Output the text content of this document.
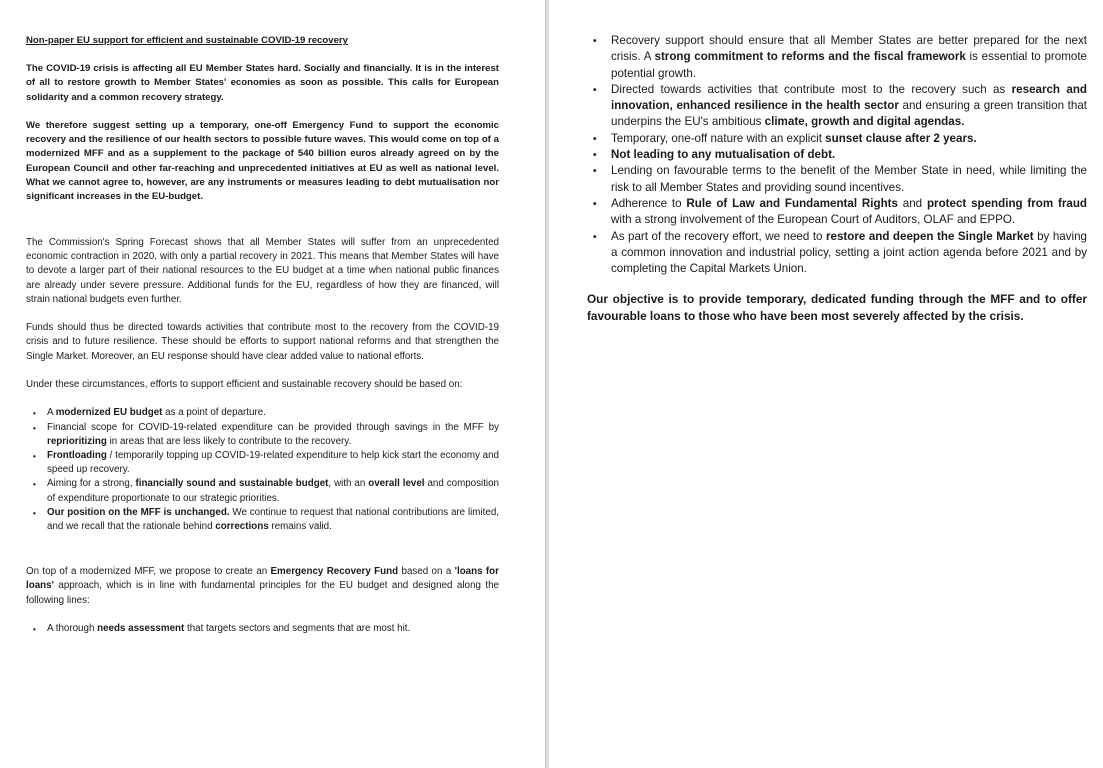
Non-paper EU support for efficient and sustainable COVID-19 recovery

The COVID-19 crisis is affecting all EU Member States hard. Socially and financially. It is in the interest of all to restore growth to Member States' economies as soon as possible. This calls for European solidarity and a common recovery strategy.

We therefore suggest setting up a temporary, one-off Emergency Fund to support the economic recovery and the resilience of our health sectors to possible future waves. This would come on top of a modernized MFF and as a supplement to the package of 540 billion euros already agreed on by the European Council and other far-reaching and unprecedented initiatives at EU as well as national level. What we cannot agree to, however, are any instruments or measures leading to debt mutualisation nor significant increases in the EU-budget.

The Commission's Spring Forecast shows that all Member States will suffer from an unprecedented economic contraction in 2020, with only a partial recovery in 2021. This means that Member States will have to devote a larger part of their national resources to the EU budget at a time when national public finances are already under severe pressure. Additional funds for the EU, regardless of how they are financed, will strain national budgets even further.

Funds should thus be directed towards activities that contribute most to the recovery from the COVID-19 crisis and to future resilience. These should be efforts to support national reforms and that strengthen the Single Market. Moreover, an EU response should have clear added value to national efforts.

Under these circumstances, efforts to support efficient and sustainable recovery should be based on:

• A modernized EU budget as a point of departure.
• Financial scope for COVID-19-related expenditure can be provided through savings in the MFF by reprioritizing in areas that are less likely to contribute to the recovery.
• Frontloading / temporarily topping up COVID-19-related expenditure to help kick start the economy and speed up recovery.
• Aiming for a strong, financially sound and sustainable budget, with an overall level and composition of expenditure proportionate to our strategic priorities.
• Our position on the MFF is unchanged. We continue to request that national contributions are limited, and we recall that the rationale behind corrections remains valid.

On top of a modernized MFF, we propose to create an Emergency Recovery Fund based on a 'loans for loans' approach, which is in line with fundamental principles for the EU budget and designed along the following lines:

• A thorough needs assessment that targets sectors and segments that are most hit.
• Recovery support should ensure that all Member States are better prepared for the next crisis. A strong commitment to reforms and the fiscal framework is essential to promote potential growth.
• Directed towards activities that contribute most to the recovery such as research and innovation, enhanced resilience in the health sector and ensuring a green transition that underpins the EU's ambitious climate, growth and digital agendas.
• Temporary, one-off nature with an explicit sunset clause after 2 years.
• Not leading to any mutualisation of debt.
• Lending on favourable terms to the benefit of the Member State in need, while limiting the risk to all Member States and providing sound incentives.
• Adherence to Rule of Law and Fundamental Rights and protect spending from fraud with a strong involvement of the European Court of Auditors, OLAF and EPPO.
• As part of the recovery effort, we need to restore and deepen the Single Market by having a common innovation and industrial policy, setting a joint action agenda before 2021 and by completing the Capital Markets Union.

Our objective is to provide temporary, dedicated funding through the MFF and to offer favourable loans to those who have been most severely affected by the crisis.
